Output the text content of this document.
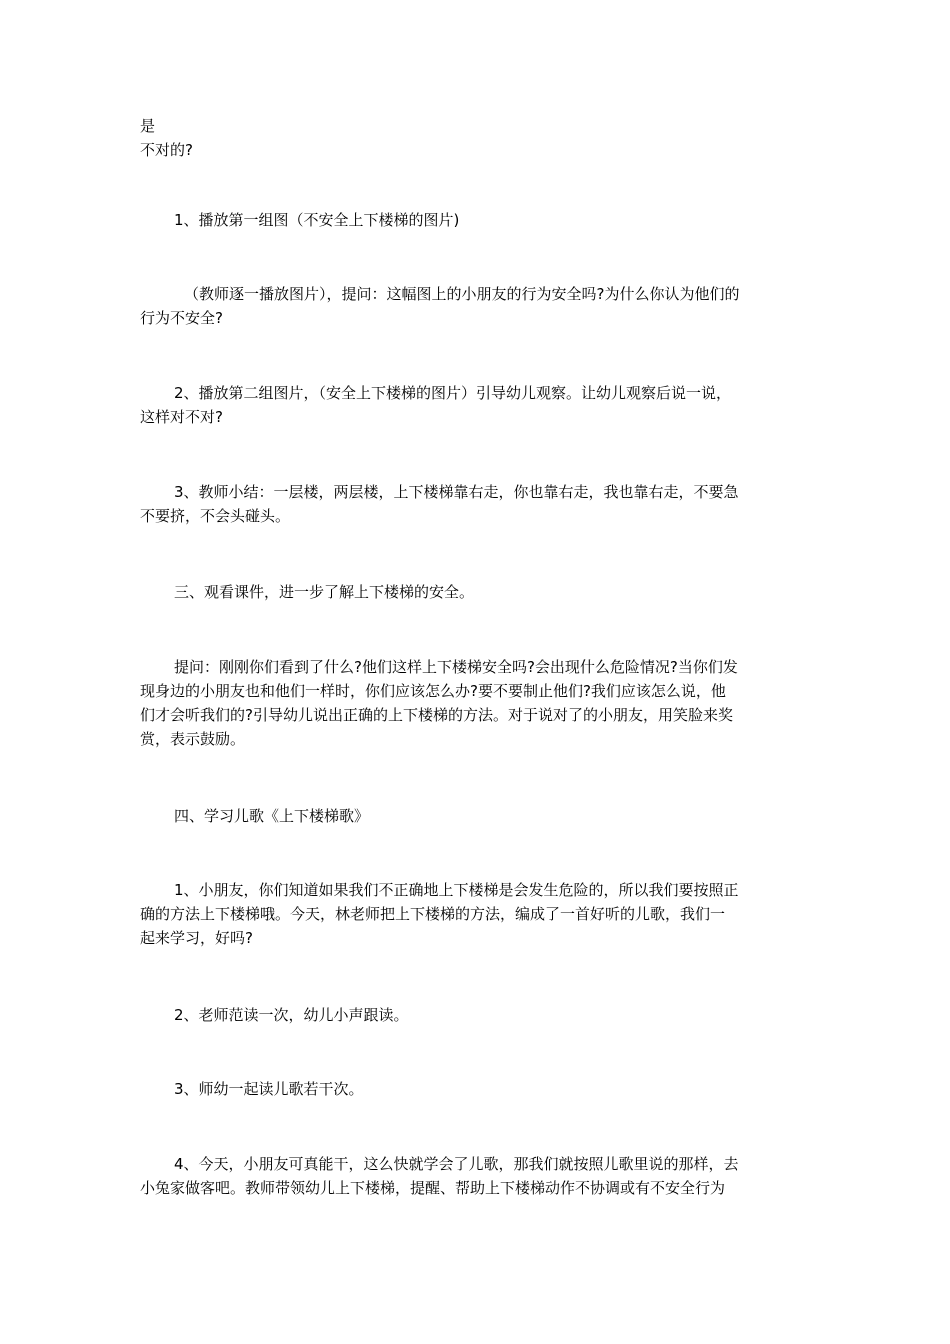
是
不对的?
1、播放第一组图（不安全上下楼梯的图片)
（教师逐一播放图片），提问：这幅图上的小朋友的行为安全吗?为什么你认为他们的
行为不安全?
2、播放第二组图片，（安全上下楼梯的图片）引导幼儿观察。让幼儿观察后说一说，
这样对不对?
3、教师小结：一层楼，两层楼，上下楼梯靠右走，你也靠右走，我也靠右走，不要急
不要挤，不会头碰头。
三、观看课件，进一步了解上下楼梯的安全。
提问：刚刚你们看到了什么?他们这样上下楼梯安全吗?会出现什么危险情况?当你们发
现身边的小朋友也和他们一样时，你们应该怎么办?要不要制止他们?我们应该怎么说，他
们才会听我们的?引导幼儿说出正确的上下楼梯的方法。对于说对了的小朋友，用笑脸来奖
赏，表示鼓励。
四、学习儿歌《上下楼梯歌》
1、小朋友，你们知道如果我们不正确地上下楼梯是会发生危险的，所以我们要按照正
确的方法上下楼梯哦。今天，林老师把上下楼梯的方法，编成了一首好听的儿歌，我们一
起来学习，好吗?
2、老师范读一次，幼儿小声跟读。
3、师幼一起读儿歌若干次。
4、今天，小朋友可真能干，这么快就学会了儿歌，那我们就按照儿歌里说的那样，去
小兔家做客吧。教师带领幼儿上下楼梯，提醒、帮助上下楼梯动作不协调或有不安全行为
